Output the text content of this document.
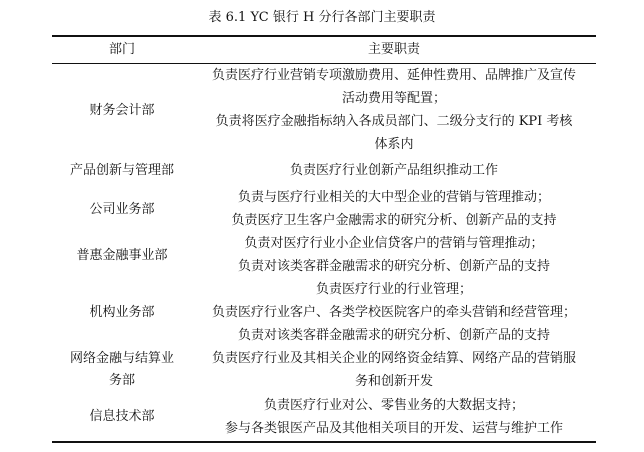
表 6.1 YC 银行 H 分行各部门主要职责
部门	主要职责
财务会计部
负责医疗行业营销专项激励费用、延伸性费用、品牌推广及宣传
活动费用等配置；
负责将医疗金融指标纳入各成员部门、二级分支行的 KPI 考核
体系内
产品创新与管理部	负责医疗行业创新产品组织推动工作
公司业务部
负责与医疗行业相关的大中型企业的营销与管理推动；
负责医疗卫生客户金融需求的研究分析、创新产品的支持
普惠金融事业部
负责对医疗行业小企业信贷客户的营销与管理推动；
负责对该类客群金融需求的研究分析、创新产品的支持
机构业务部
负责医疗行业的行业管理；
负责医疗行业客户、各类学校医院客户的牵头营销和经营管理；
负责对该类客群金融需求的研究分析、创新产品的支持
网络金融与结算业
务部
负责医疗行业及其相关企业的网络资金结算、网络产品的营销服
务和创新开发
信息技术部
负责医疗行业对公、零售业务的大数据支持；
参与各类银医产品及其他相关项目的开发、运营与维护工作
